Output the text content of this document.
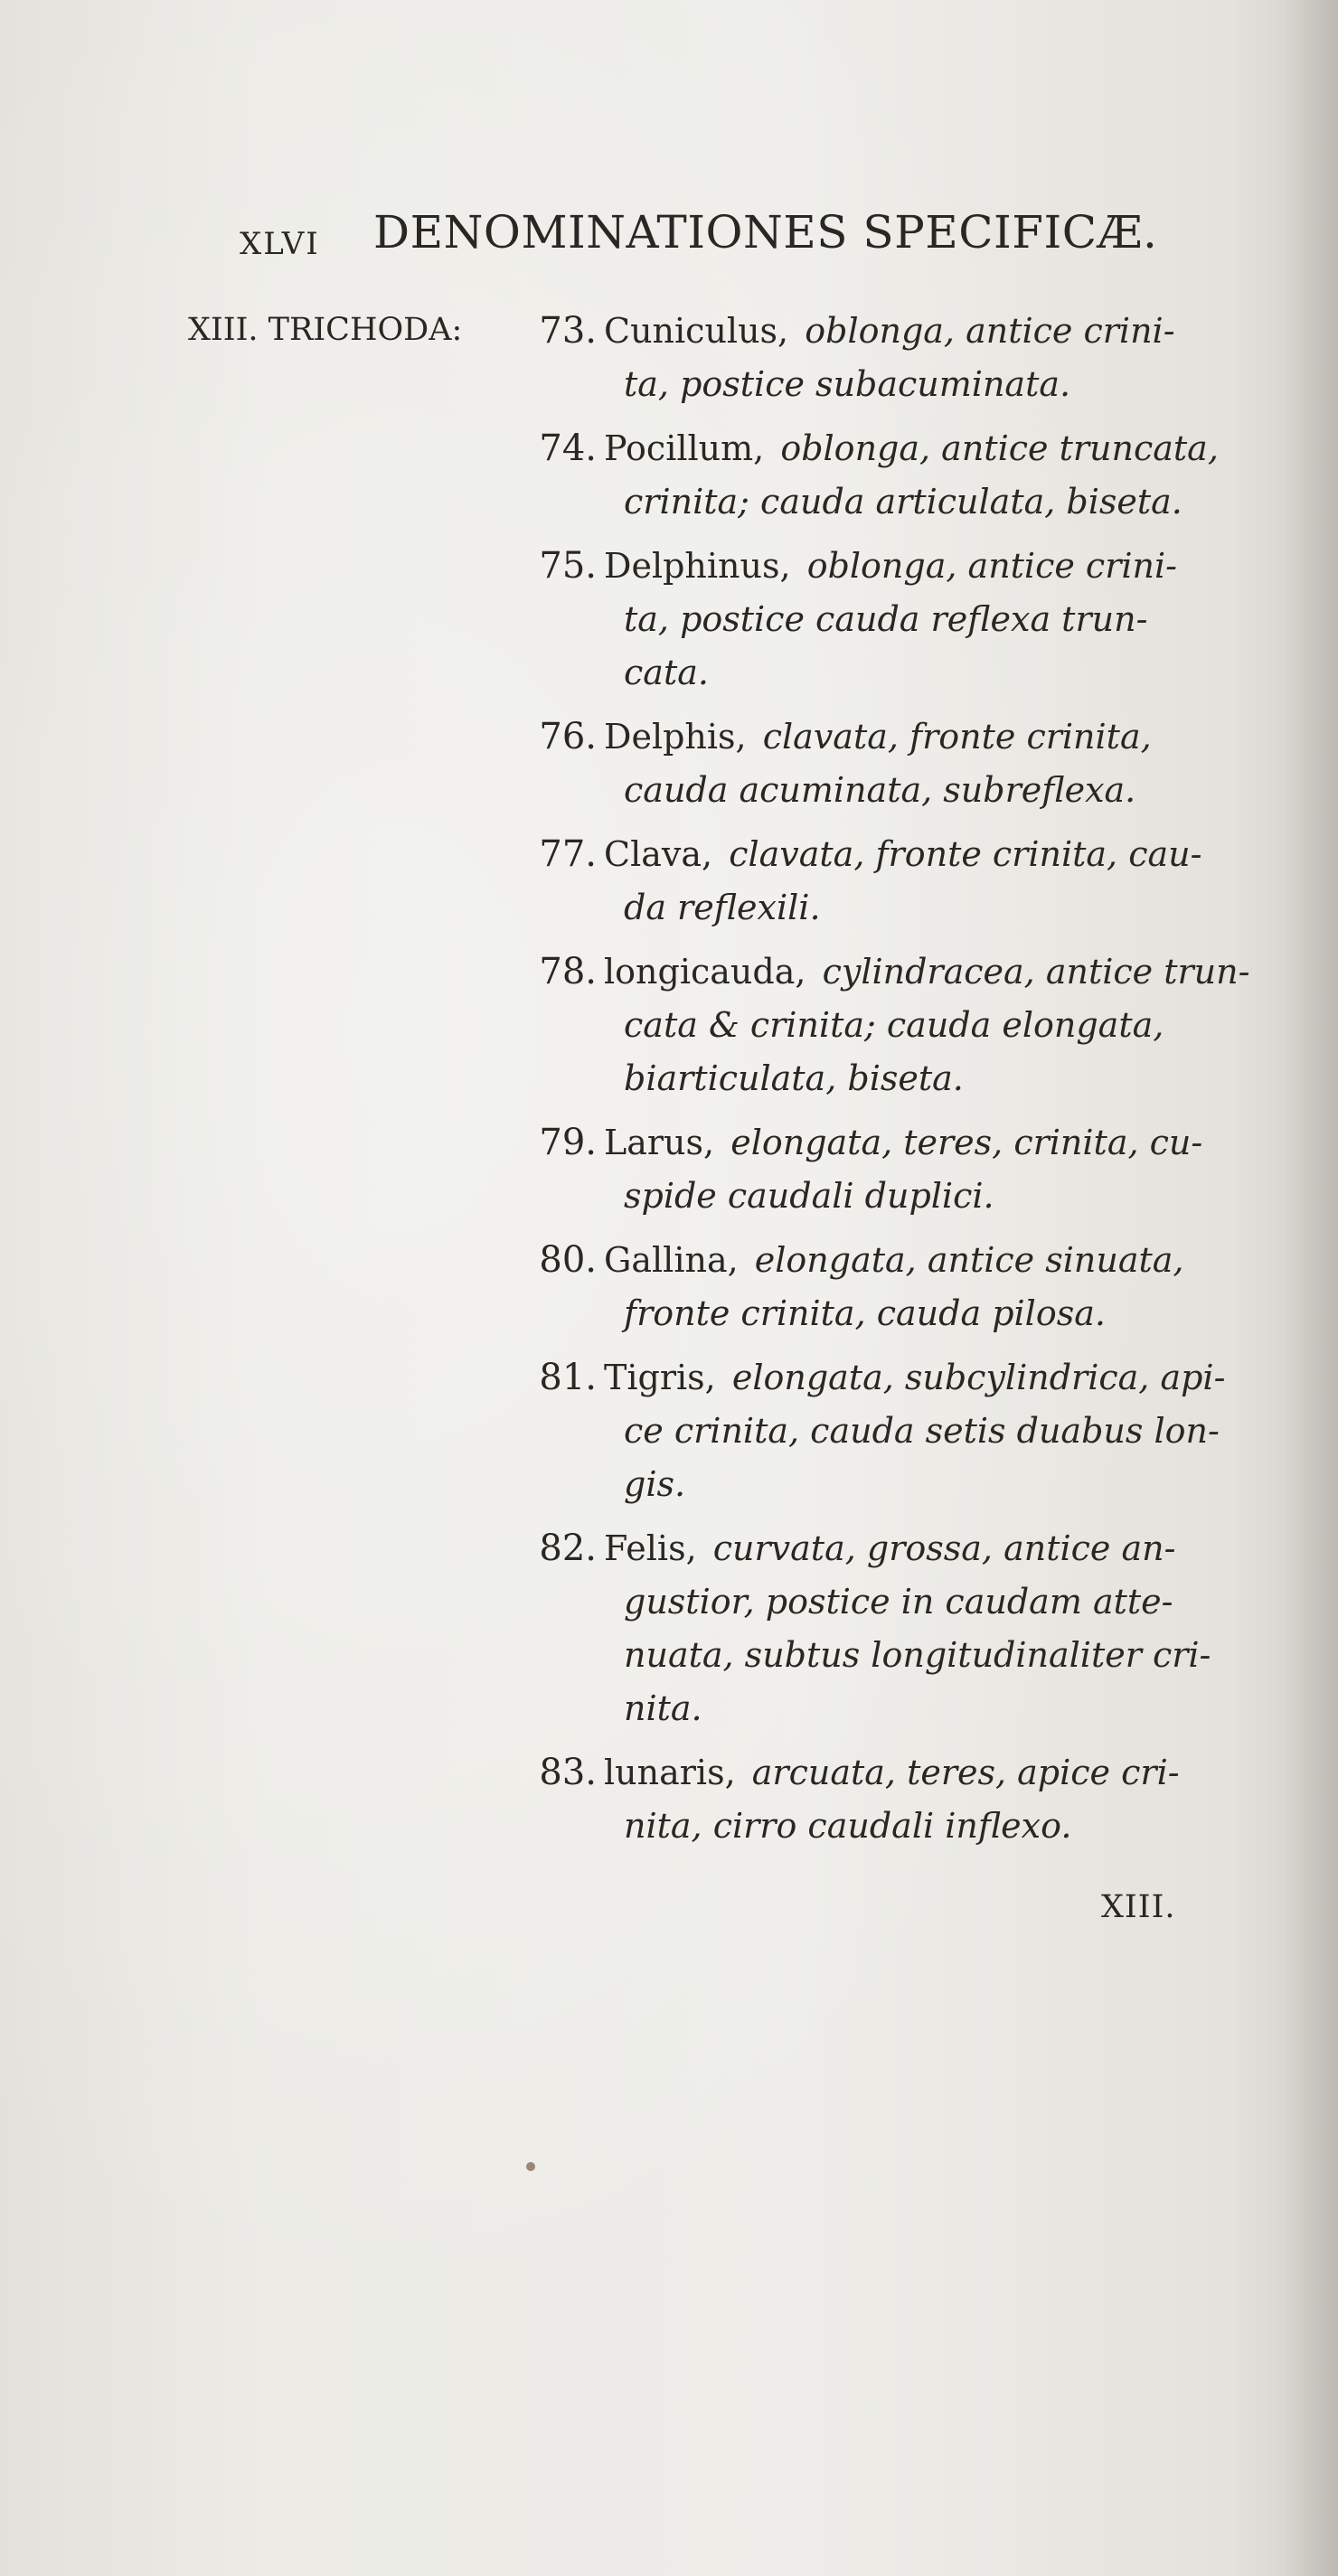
XLVI DENOMINATIONES SPECIFICÆ.
XIII. TRICHODA:	73. Cuniculus, oblonga, antice crini-
ta, postice subacuminata.
74. Pocillum, oblonga, antice truncata,
crinita; cauda articulata, biseta.
75. Delphinus, oblonga, antice crini-
ta, postice cauda reflexa trun-
cata.
76. Delphis, clavata, fronte crinita,
cauda acuminata, subreflexa.
77. Clava, clavata, fronte crinita, cau-
da reflexili.
78. longicauda, cylindracea, antice trun-
cata & crinita; cauda elongata,
biarticulata, biseta.
79. Larus, elongata, teres, crinita, cu-
spide caudali duplici.
80. Gallina, elongata, antice sinuata,
fronte crinita, cauda pilosa.
81. Tigris, elongata, subcylindrica, api-
ce crinita, cauda setis duabus lon-
gis.
82. Felis, curvata, grossa, antice an-
gustior, postice in caudam atte-
nuata, subtus longitudinaliter cri-
nita.
83. lunaris, arcuata, teres, apice cri-
nita, cirro caudali inflexo.
XIII.
